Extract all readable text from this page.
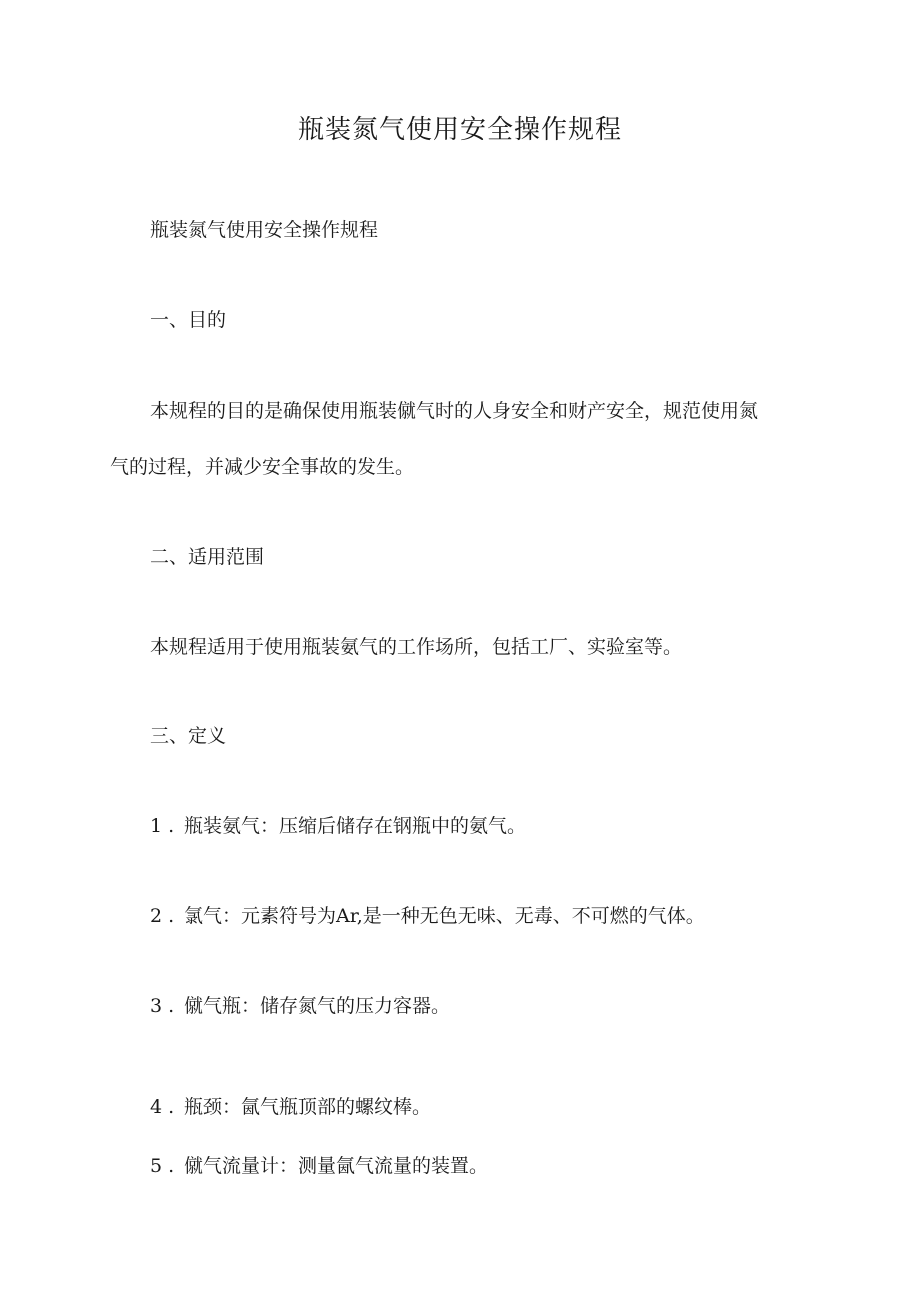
瓶装氮气使用安全操作规程
瓶装氮气使用安全操作规程
一、目的
本规程的目的是确保使用瓶装僦气时的人身安全和财产安全，规范使用氮
气的过程，并减少安全事故的发生。
二、适用范围
本规程适用于使用瓶装氨气的工作场所，包括工厂、实验室等。
三、定义
1 . 瓶装氨气：压缩后储存在钢瓶中的氨气。
2 . 氯气：元素符号为Ar,是一种无色无味、无毒、不可燃的气体。
3 . 僦气瓶：储存氮气的压力容器。
4 . 瓶颈：氤气瓶顶部的螺纹棒。
5 . 僦气流量计：测量氤气流量的装置。
